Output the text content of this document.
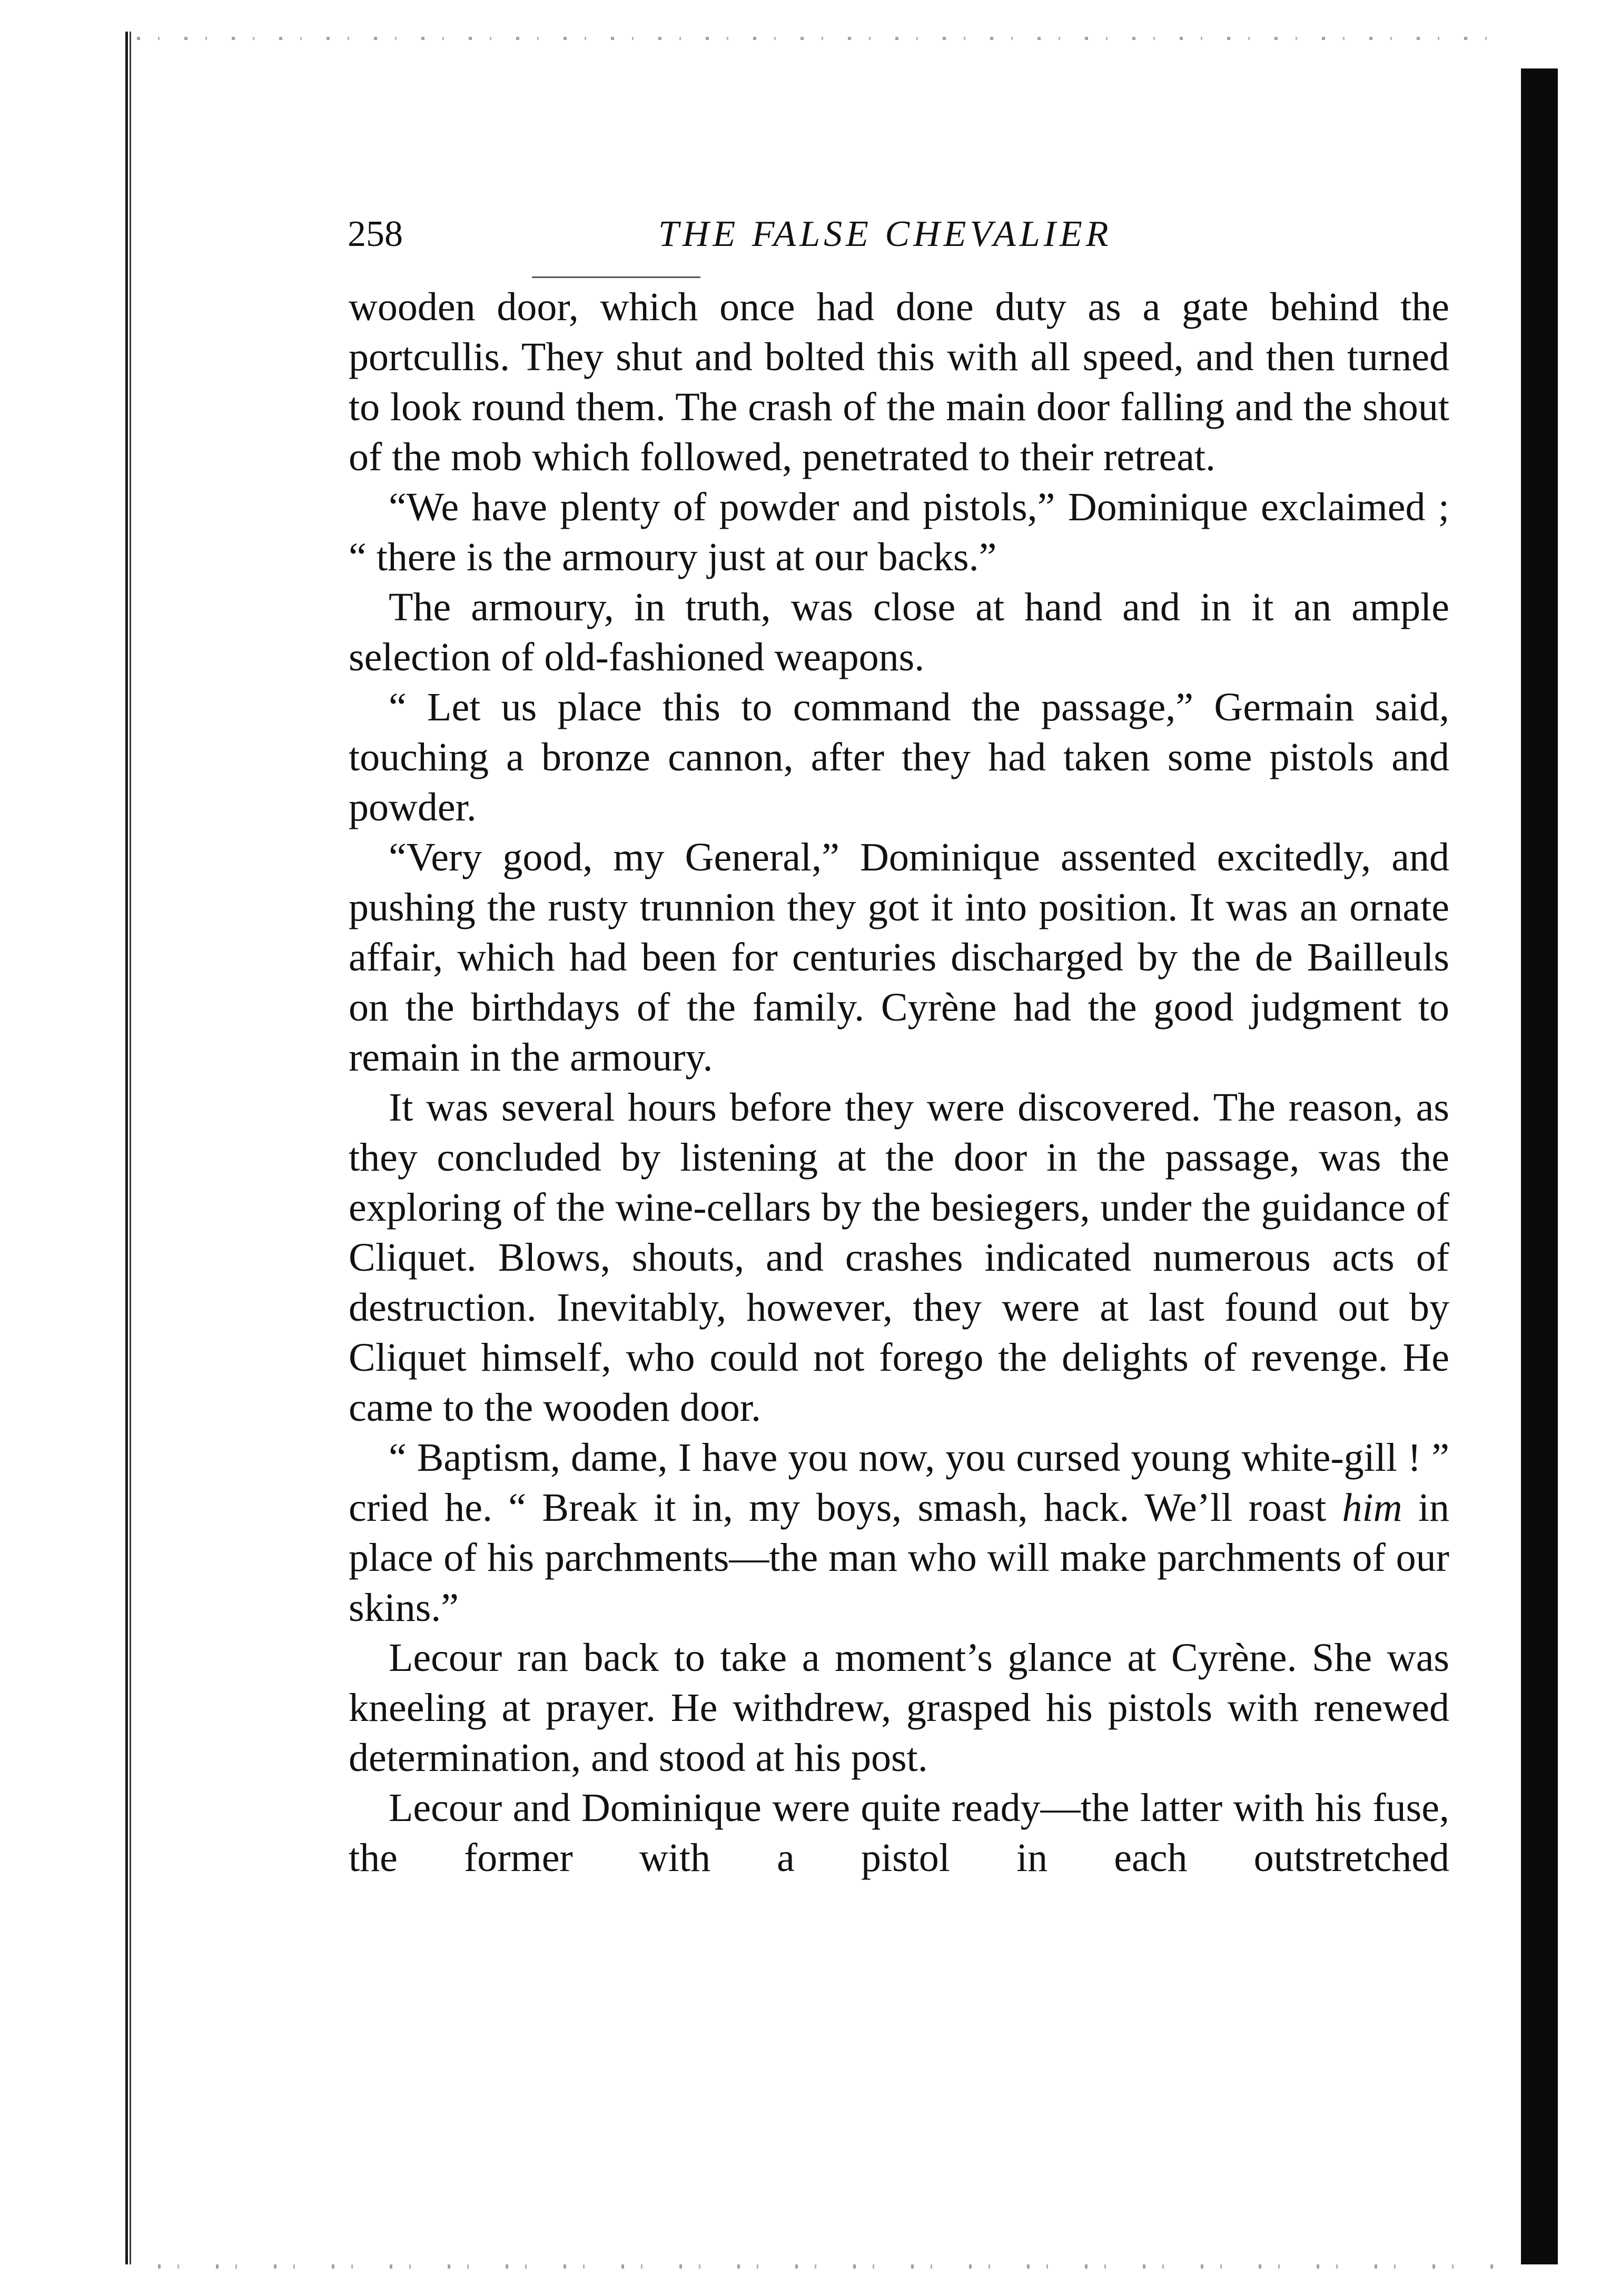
258	THE FALSE CHEVALIER

wooden door, which once had done duty as a gate behind the portcullis. They shut and bolted this with all speed, and then turned to look round them. The crash of the main door falling and the shout of the mob which followed, penetrated to their retreat.

“We have plenty of powder and pistols,” Dominique exclaimed ; “ there is the armoury just at our backs.”

The armoury, in truth, was close at hand and in it an ample selection of old-fashioned weapons.

“ Let us place this to command the passage,” Germain said, touching a bronze cannon, after they had taken some pistols and powder.

“Very good, my General,” Dominique assented excitedly, and pushing the rusty trunnion they got it into position. It was an ornate affair, which had been for centuries discharged by the de Bailleuls on the birthdays of the family. Cyrène had the good judgment to remain in the armoury.

It was several hours before they were discovered. The reason, as they concluded by listening at the door in the passage, was the exploring of the wine-cellars by the besiegers, under the guidance of Cliquet. Blows, shouts, and crashes indicated numerous acts of destruction. Inevitably, however, they were at last found out by Cliquet himself, who could not forego the delights of revenge. He came to the wooden door.

“ Baptism, dame, I have you now, you cursed young white-gill ! ” cried he. “ Break it in, my boys, smash, hack. We’ll roast him in place of his parchments—the man who will make parchments of our skins.”

Lecour ran back to take a moment’s glance at Cyrène. She was kneeling at prayer. He withdrew, grasped his pistols with renewed determination, and stood at his post.

Lecour and Dominique were quite ready—the latter with his fuse, the former with a pistol in each outstretched
